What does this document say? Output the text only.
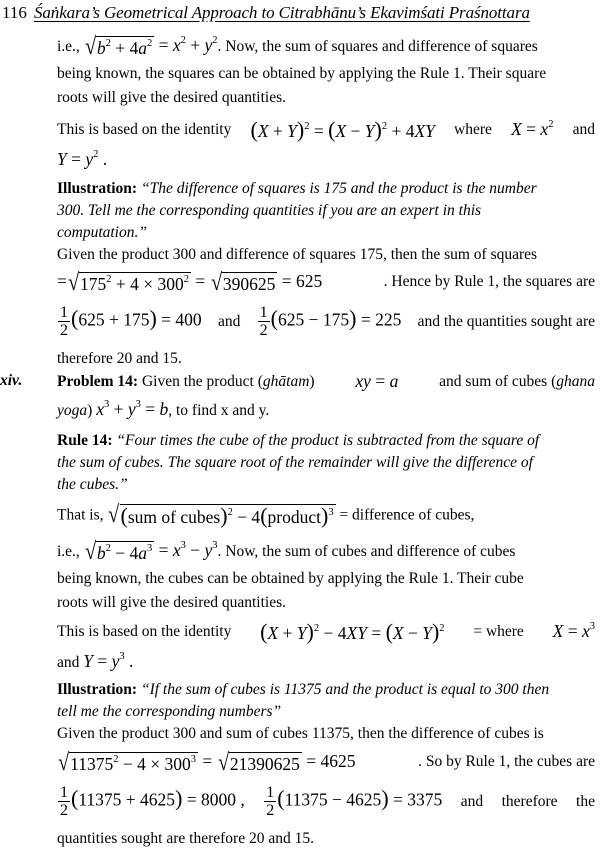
116 Śaṅkara’s Geometrical Approach to Citrabhānu’s Ekavimśati Praśnottara
i.e., √ $b^2 + 4a^2 = x^2 + y^2$. Now, the sum of squares and difference of squares
being known, the squares can be obtained by applying the Rule 1. Their square
roots will give the desired quantities.
This is based on the identity $(X + Y)^2 = (X - Y)^2 + 4XY$ where $X = x^2$ and
$Y = y^2$ .
Illustration: “The difference of squares is 175 and the product is the number
300. Tell me the corresponding quantities if you are an expert in this
computation.”
Given the product 300 and difference of squares 175, then the sum of squares
= √ $175^2 + 4 \times 300^2$ = √ 390625 = 625	. Hence by Rule 1, the squares are
$\frac{1}{2} (625 + 175) = 400$ and $\frac{1}{2} (625 - 175) = 225$ and the quantities sought are
therefore 20 and 15.
xiv. Problem 14: Given the product (ghātam) xy = a	and sum of cubes (ghana
yoga) $x^3 + y^3 = b$, to find x and y.
Rule 14: “Four times the cube of the product is subtracted from the square of
the sum of cubes. The square root of the remainder will give the difference of
the cubes.”
That is, √ (sum of cubes)$^2$ − 4(product)$^3$ = difference of cubes,
i.e., √ $b^2 - 4a^3 = x^3 - y^3$. Now, the sum of cubes and difference of cubes
being known, the cubes can be obtained by applying the Rule 1. Their cube
roots will give the desired quantities.
This is based on the identity $(X + Y)^2 - 4XY = (X - Y)^2$ = where $X = x^3$
and $Y = y^3$ .
Illustration: “If the sum of cubes is 11375 and the product is equal to 300 then
tell me the corresponding numbers”
Given the product 300 and sum of cubes 11375, then the difference of cubes is
√ $11375^2 - 4 \times 300^3$ = √ 21390625 = 4625	. So by Rule 1, the cubes are
$\frac{1}{2} (11375 + 4625) = 8000$ , $\frac{1}{2} (11375 - 4625) = 3375$ and therefore the
quantities sought are therefore 20 and 15.
